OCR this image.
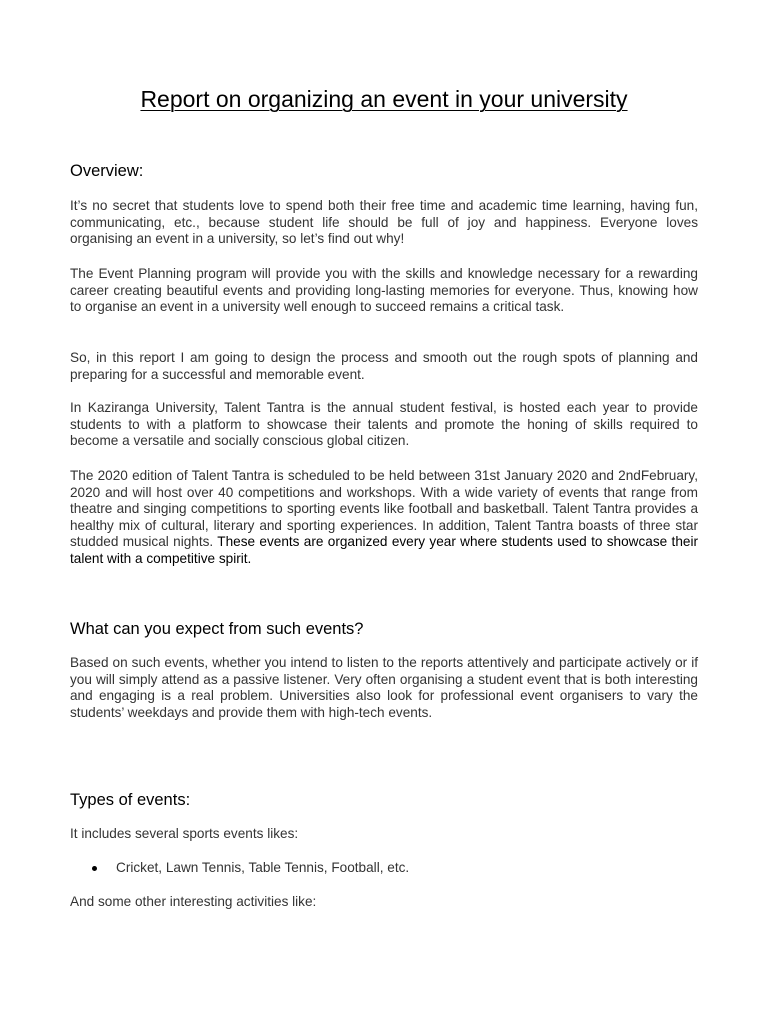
Report on organizing an event in your university
Overview:

It’s no secret that students love to spend both their free time and academic time learning, having fun, communicating, etc., because student life should be full of joy and happiness. Everyone loves organising an event in a university, so let’s find out why!

The Event Planning program will provide you with the skills and knowledge necessary for a rewarding career creating beautiful events and providing long-lasting memories for everyone. Thus, knowing how to organise an event in a university well enough to succeed remains a critical task.

So, in this report I am going to design the process and smooth out the rough spots of planning and preparing for a successful and memorable event.

In Kaziranga University, Talent Tantra is the annual student festival, is hosted each year to provide students to with a platform to showcase their talents and promote the honing of skills required to become a versatile and socially conscious global citizen.

The 2020 edition of Talent Tantra is scheduled to be held between 31st January 2020 and 2ndFebruary, 2020 and will host over 40 competitions and workshops. With a wide variety of events that range from theatre and singing competitions to sporting events like football and basketball. Talent Tantra provides a healthy mix of cultural, literary and sporting experiences. In addition, Talent Tantra boasts of three star studded musical nights. These events are organized every year where students used to showcase their talent with a competitive spirit.

What can you expect from such events?

Based on such events, whether you intend to listen to the reports attentively and participate actively or if you will simply attend as a passive listener. Very often organising a student event that is both interesting and engaging is a real problem. Universities also look for professional event organisers to vary the students’ weekdays and provide them with high-tech events.

Types of events:

It includes several sports events likes:

Cricket, Lawn Tennis, Table Tennis, Football, etc.

And some other interesting activities like:
